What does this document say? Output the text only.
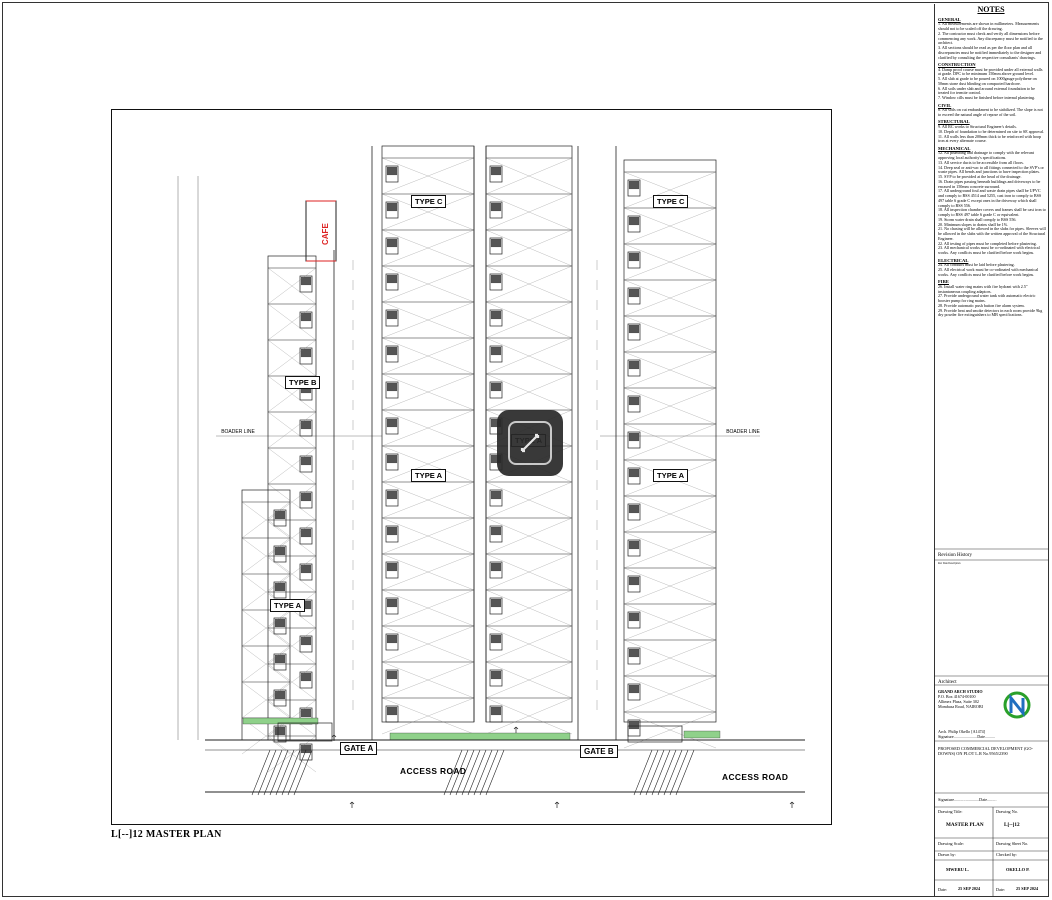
NOTES
GENERAL

1. All measurements are shown in millimeters. Measurements should not to be scaled off the drawing.

2. The contractor must check and verify all dimensions before commencing any work. Any discrepancy must be notified to the architect.

3. All sections should be read as per the floor plan and all discrepancies must be notified immediately to the designer and clarified by consulting the respective consultants' drawings.

CONSTRUCTION

4. Damp proof course must be provided under all external walls at grade. DPC to be minimum 150mm above ground level.

5. All slab at grade to be poured on 1000gauge polythene on 50mm stone dust blinding on compacted hardcore.

6. All soils under slab and around external foundation to be treated for termite control.

7. Window cills must be finished before internal plastering.

CIVIL

8. All soils on cut embankment to be stabilized. The slope is not to exceed the natural angle of repose of the soil.

STRUCTURAL

9. All RC works to Structural Engineer's details.

10. Depth of foundation to be determined on site to SE approval.

11. All walls less than 200mm thick to be reinforced with hoop iron at every alternate course.

MECHANICAL

12. All plumbing and drainage to comply with the relevant approving local authority's specifications.

13. All service ducts to be accessible from all floors.

14. Deep seal or anti-vac to all fittings connected to the SVP's or waste pipes. All bends and junctions to have inspection plates.

15. SVP to be provided at the head of the drainage.

16. Drain pipes passing beneath buildings and driveways to be encased in 150mm concrete surround.

17. All underground foul and waste drain pipes shall be UPVC and comply to BSS 4514 and 5255, cast iron to comply to BSS 497 table 6 grade C except ones in the driveway which shall comply to BSS 556.

18. All inspection chamber covers and frames shall be cast iron to comply to BSS 497 table 6 grade C or equivalent.

19. Storm water drain shall comply to BSS 556.

20. Minimum slopes to drains shall be 1%.

21. No chasing will be allowed in the slabs for pipes. Sleeves will be allowed in the slabs with the written approval of the Structural Engineer.

22. All testing of pipes must be completed before plastering.

23. All mechanical works must be co-ordinated with electrical works. Any conflicts must be clarified before work begins.

ELECTRICAL

24. All conduits must be laid before plastering.

25. All electrical work must be co-ordinated with mechanical works. Any conflicts must be clarified before work begins.

FIRE

26. Install water ring mains with fire hydrant with 2.5" instantaneous coupling adaptors.

27. Provide underground water tank with automatic electric booster pump for ring mains.

28. Provide automatic push button fire alarm system.

29. Provide heat and smoke detectors in each room provide 9kg dry powder fire extinguishers to MB specifications.

Revision History
Rev Date Description
Architect
GRAND ARCH STUDIO
P.O. Box 41674-00100
Allimex Plaza, Suite 302
Mombasa Road, NAIROBI
Arch. Philip Okello [A1474]
Signature.......................Date..........
PROPOSED COMMERCIAL DEVELOPMENT (GO-DOWNS) ON PLOT L.R No.9565/2390
Signature........................Date.........
Drawing Title:
MASTER PLAN
Drawing No.
L[--]12
Drawing Scale:	Drawing Sheet No.
Drawn by:	Checked by:
MWERU L.	OKELLO P.
Date:	25 SEP 2024	Date:	25 SEP 2024
TYPE C	TYPE C
TYPE B
TYPE A	TYPE A
TYPE A
CAFE
GATE A	GATE B
ACCESS ROAD
ACCESS ROAD
BOADER LINE	BOADER LINE
L[--]12 MASTER PLAN
